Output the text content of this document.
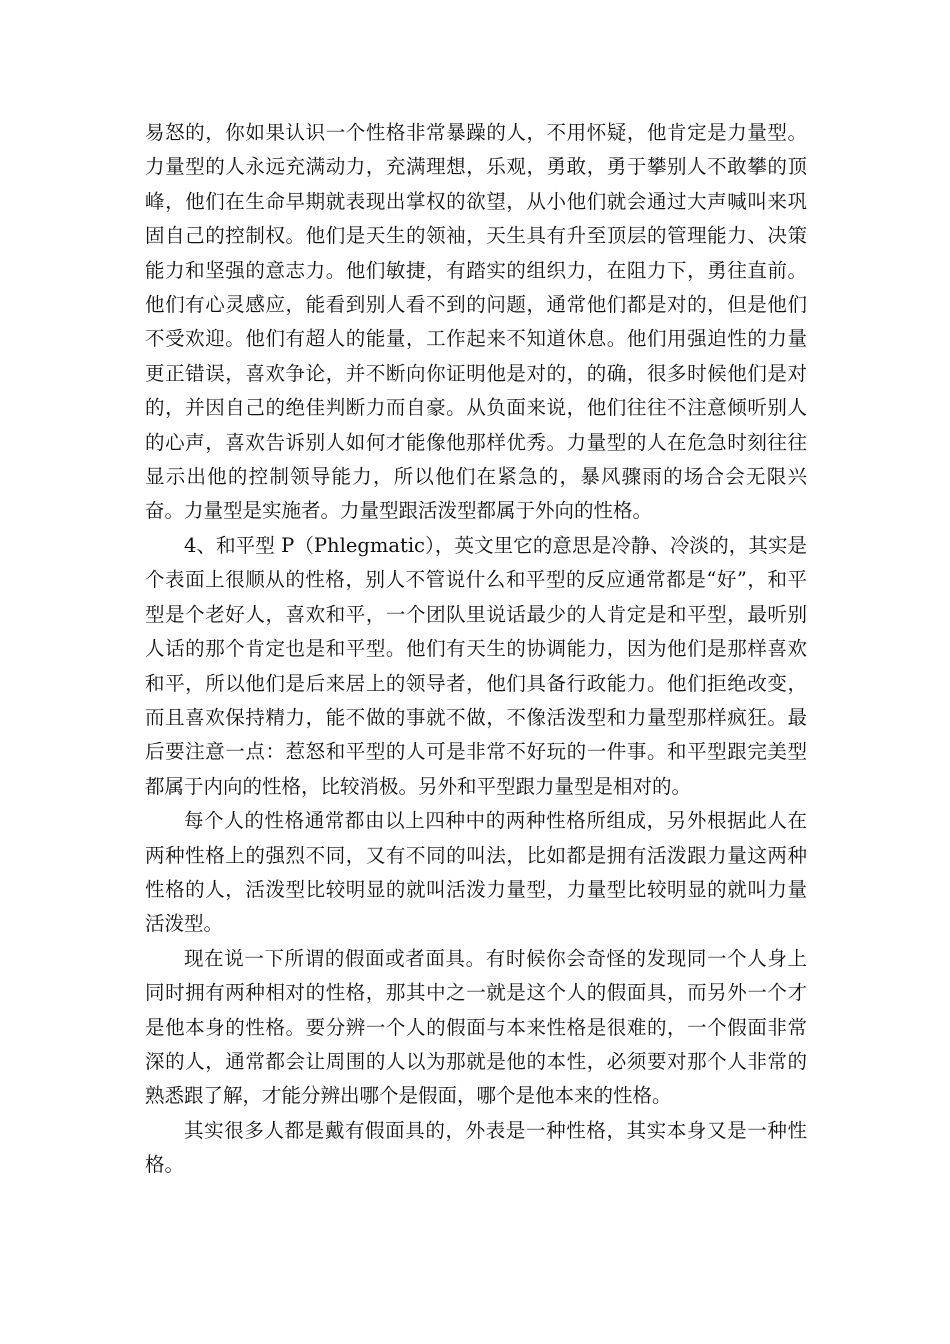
易怒的，你如果认识一个性格非常暴躁的人，不用怀疑，他肯定是力量型。力量型的人永远充满动力，充满理想，乐观，勇敢，勇于攀别人不敢攀的顶峰，他们在生命早期就表现出掌权的欲望，从小他们就会通过大声喊叫来巩固自己的控制权。他们是天生的领袖，天生具有升至顶层的管理能力、决策能力和坚强的意志力。他们敏捷，有踏实的组织力，在阻力下，勇往直前。他们有心灵感应，能看到别人看不到的问题，通常他们都是对的，但是他们不受欢迎。他们有超人的能量，工作起来不知道休息。他们用强迫性的力量更正错误，喜欢争论，并不断向你证明他是对的，的确，很多时候他们是对的，并因自己的绝佳判断力而自豪。从负面来说，他们往往不注意倾听别人的心声，喜欢告诉别人如何才能像他那样优秀。力量型的人在危急时刻往往显示出他的控制领导能力，所以他们在紧急的，暴风骤雨的场合会无限兴奋。力量型是实施者。力量型跟活泼型都属于外向的性格。

4、和平型 P（Phlegmatic），英文里它的意思是冷静、冷淡的，其实是个表面上很顺从的性格，别人不管说什么和平型的反应通常都是“好”，和平型是个老好人，喜欢和平，一个团队里说话最少的人肯定是和平型，最听别人话的那个肯定也是和平型。他们有天生的协调能力，因为他们是那样喜欢和平，所以他们是后来居上的领导者，他们具备行政能力。他们拒绝改变，而且喜欢保持精力，能不做的事就不做，不像活泼型和力量型那样疯狂。最后要注意一点：惹怒和平型的人可是非常不好玩的一件事。和平型跟完美型都属于内向的性格，比较消极。另外和平型跟力量型是相对的。

每个人的性格通常都由以上四种中的两种性格所组成，另外根据此人在两种性格上的强烈不同，又有不同的叫法，比如都是拥有活泼跟力量这两种性格的人，活泼型比较明显的就叫活泼力量型，力量型比较明显的就叫力量活泼型。

现在说一下所谓的假面或者面具。有时候你会奇怪的发现同一个人身上同时拥有两种相对的性格，那其中之一就是这个人的假面具，而另外一个才是他本身的性格。要分辨一个人的假面与本来性格是很难的，一个假面非常深的人，通常都会让周围的人以为那就是他的本性，必须要对那个人非常的熟悉跟了解，才能分辨出哪个是假面，哪个是他本来的性格。

其实很多人都是戴有假面具的，外表是一种性格，其实本身又是一种性格。
